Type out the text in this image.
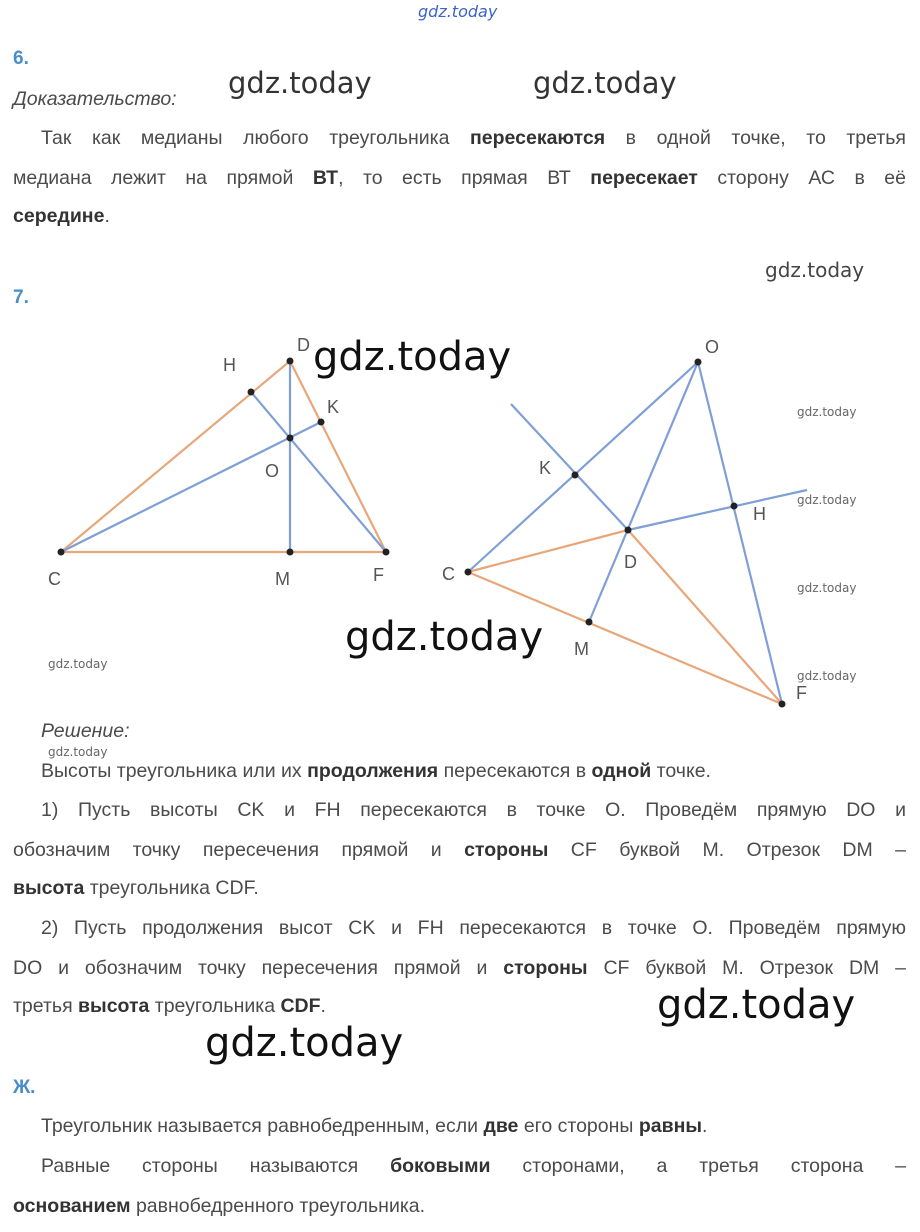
gdz.today
6.
Доказательство:
Так как медианы любого треугольника пересекаются в одной точке, то третья
медиана лежит на прямой ВТ, то есть прямая ВТ пересекает сторону АС в её
середине.
gdz.today	gdz.today
gdz.today
7.
H
D
K
O
C	M	F
O
K
H
D
C
M
F
gdz.today
gdz.today
gdz.today
gdz.today
gdz.today
gdz.today
gdz.today
Решение:
gdz.today
Высоты треугольника или их продолжения пересекаются в одной точке.
1) Пусть высоты CK и FH пересекаются в точке O. Проведём прямую DO и
обозначим точку пересечения прямой и стороны CF буквой M. Отрезок DM –
высота треугольника CDF.
2) Пусть продолжения высот CK и FH пересекаются в точке O. Проведём прямую
DO и обозначим точку пересечения прямой и стороны CF буквой M. Отрезок DM –
третья высота треугольника CDF.	gdz.today
gdz.today
Ж.
Треугольник называется равнобедренным, если две его стороны равны.
Равные стороны называются боковыми сторонами, а третья сторона –
основанием равнобедренного треугольника.
